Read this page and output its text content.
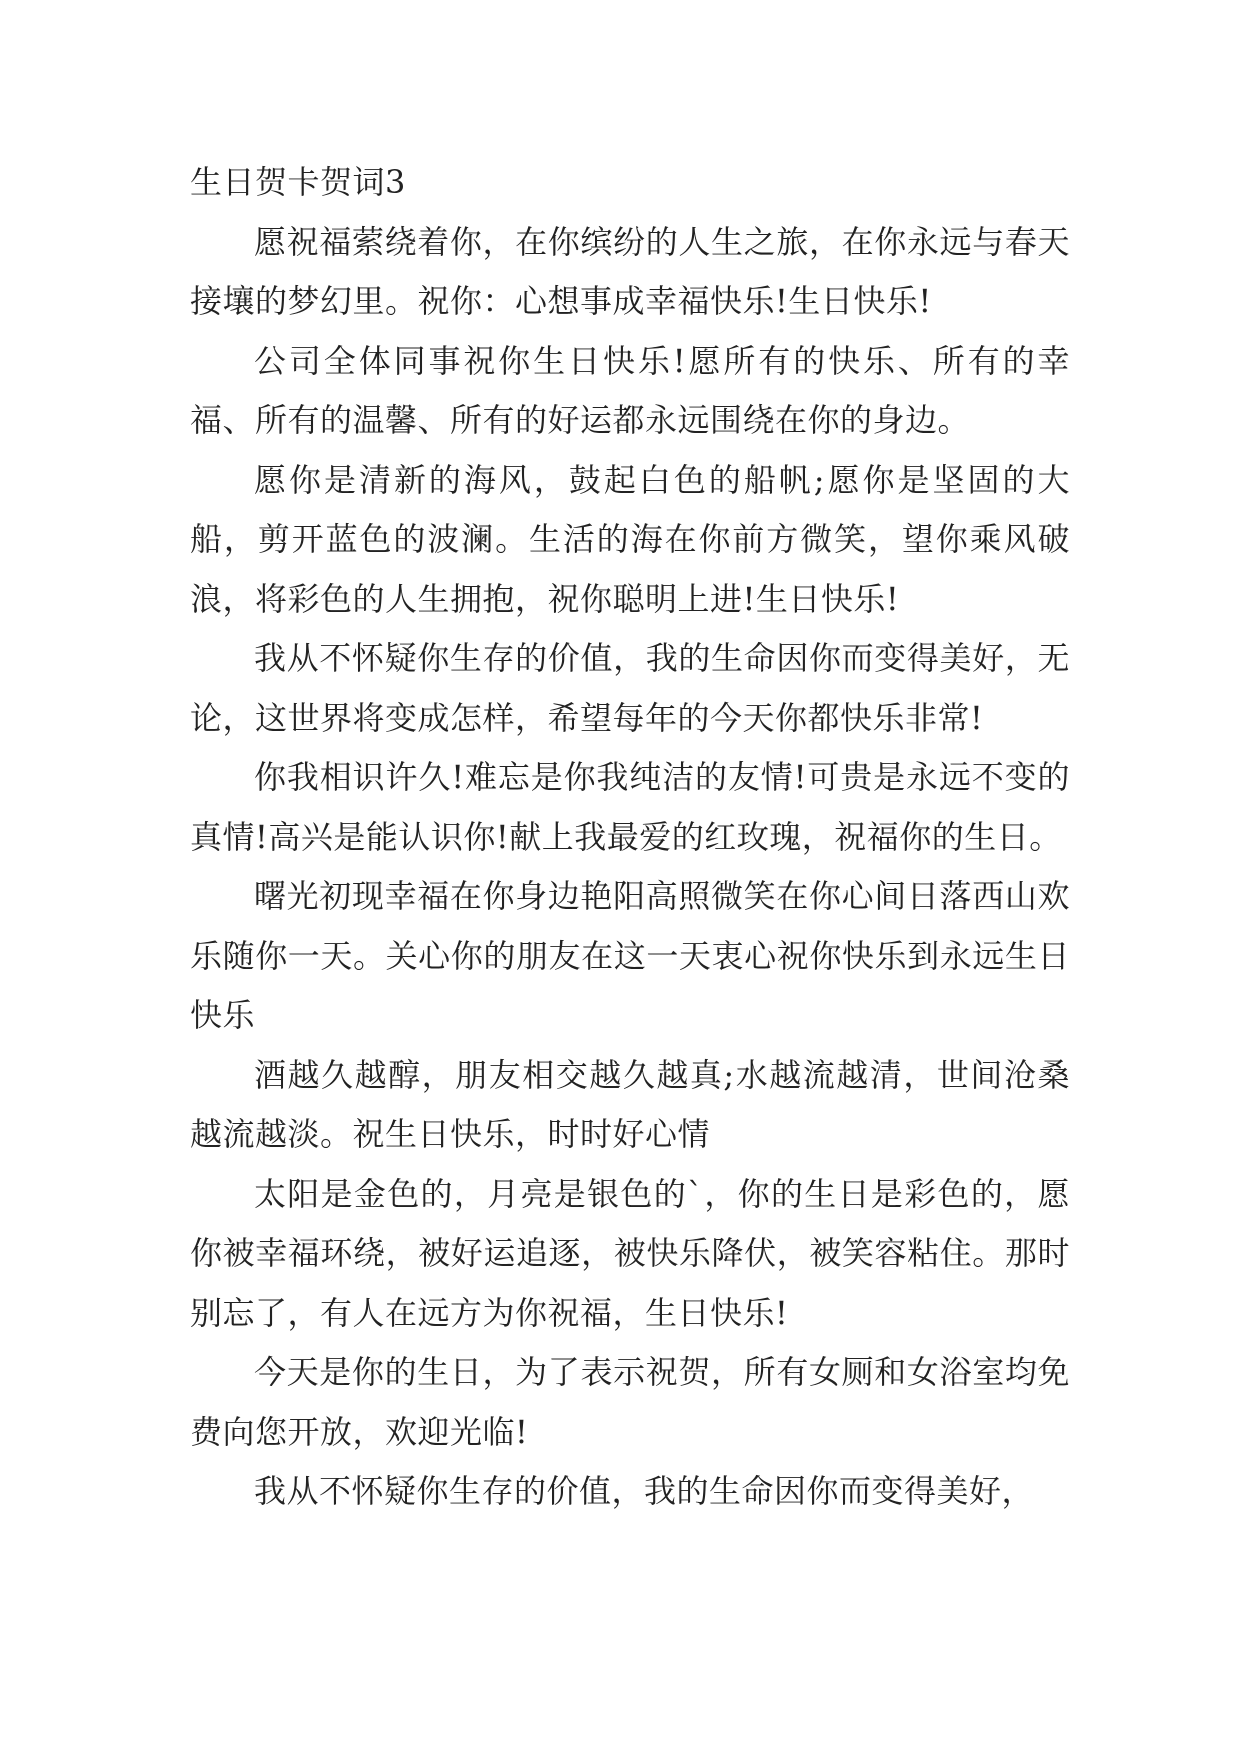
生日贺卡贺词3

愿祝福萦绕着你，在你缤纷的人生之旅，在你永远与春天接壤的梦幻里。祝你：心想事成幸福快乐!生日快乐!

公司全体同事祝你生日快乐!愿所有的快乐、所有的幸福、所有的温馨、所有的好运都永远围绕在你的身边。

愿你是清新的海风，鼓起白色的船帆;愿你是坚固的大船，剪开蓝色的波澜。生活的海在你前方微笑，望你乘风破浪，将彩色的人生拥抱，祝你聪明上进!生日快乐!

我从不怀疑你生存的价值，我的生命因你而变得美好，无论，这世界将变成怎样，希望每年的今天你都快乐非常!

你我相识许久!难忘是你我纯洁的友情!可贵是永远不变的真情!高兴是能认识你!献上我最爱的红玫瑰，祝福你的生日。

曙光初现幸福在你身边艳阳高照微笑在你心间日落西山欢乐随你一天。关心你的朋友在这一天衷心祝你快乐到永远生日快乐

酒越久越醇，朋友相交越久越真;水越流越清，世间沧桑越流越淡。祝生日快乐，时时好心情

太阳是金色的，月亮是银色的`，你的生日是彩色的，愿你被幸福环绕，被好运追逐，被快乐降伏，被笑容粘住。那时别忘了，有人在远方为你祝福，生日快乐!

今天是你的生日，为了表示祝贺，所有女厕和女浴室均免费向您开放，欢迎光临!

我从不怀疑你生存的价值，我的生命因你而变得美好，
